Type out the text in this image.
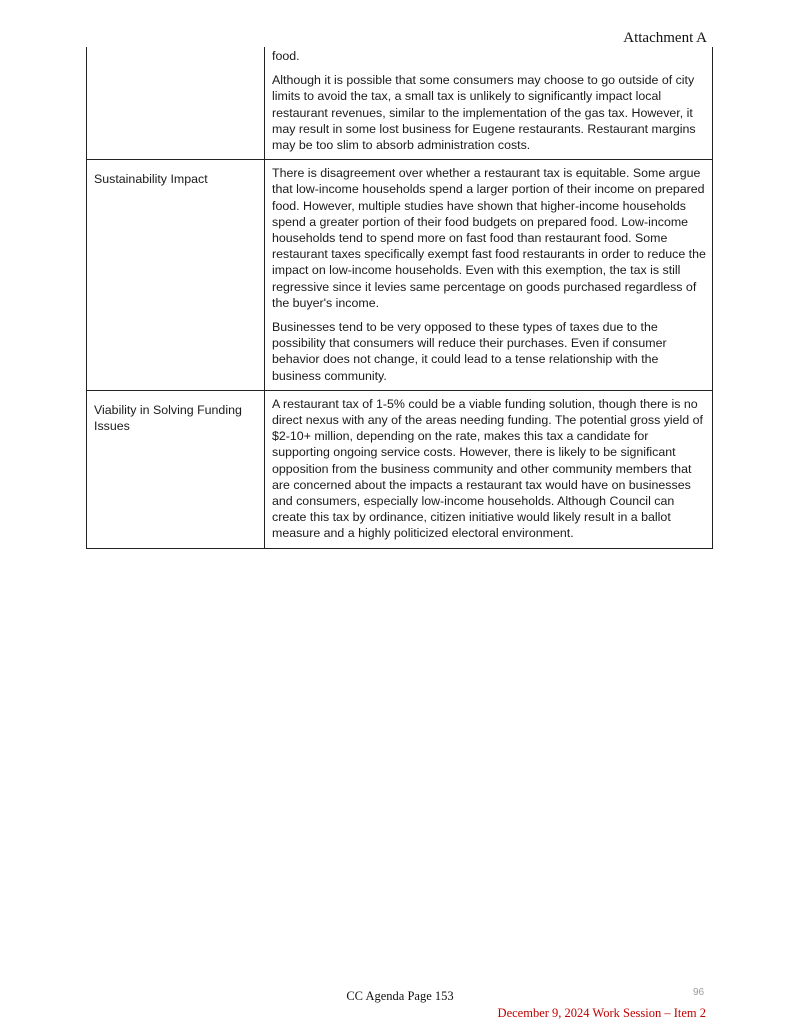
Attachment A

	food.

Although it is possible that some consumers may choose to go outside of city limits to avoid the tax, a small tax is unlikely to significantly impact local restaurant revenues, similar to the implementation of the gas tax. However, it may result in some lost business for Eugene restaurants. Restaurant margins may be too slim to absorb administration costs.

Sustainability Impact	There is disagreement over whether a restaurant tax is equitable. Some argue that low-income households spend a larger portion of their income on prepared food. However, multiple studies have shown that higher-income households spend a greater portion of their food budgets on prepared food. Low-income households tend to spend more on fast food than restaurant food. Some restaurant taxes specifically exempt fast food restaurants in order to reduce the impact on low-income households. Even with this exemption, the tax is still regressive since it levies same percentage on goods purchased regardless of the buyer's income.

Businesses tend to be very opposed to these types of taxes due to the possibility that consumers will reduce their purchases. Even if consumer behavior does not change, it could lead to a tense relationship with the business community.

Viability in Solving Funding Issues	A restaurant tax of 1-5% could be a viable funding solution, though there is no direct nexus with any of the areas needing funding. The potential gross yield of $2-10+ million, depending on the rate, makes this tax a candidate for supporting ongoing service costs. However, there is likely to be significant opposition from the business community and other community members that are concerned about the impacts a restaurant tax would have on businesses and consumers, especially low-income households. Although Council can create this tax by ordinance, citizen initiative would likely result in a ballot measure and a highly politicized electoral environment.

CC Agenda Page 153	96
December 9, 2024 Work Session – Item 2
